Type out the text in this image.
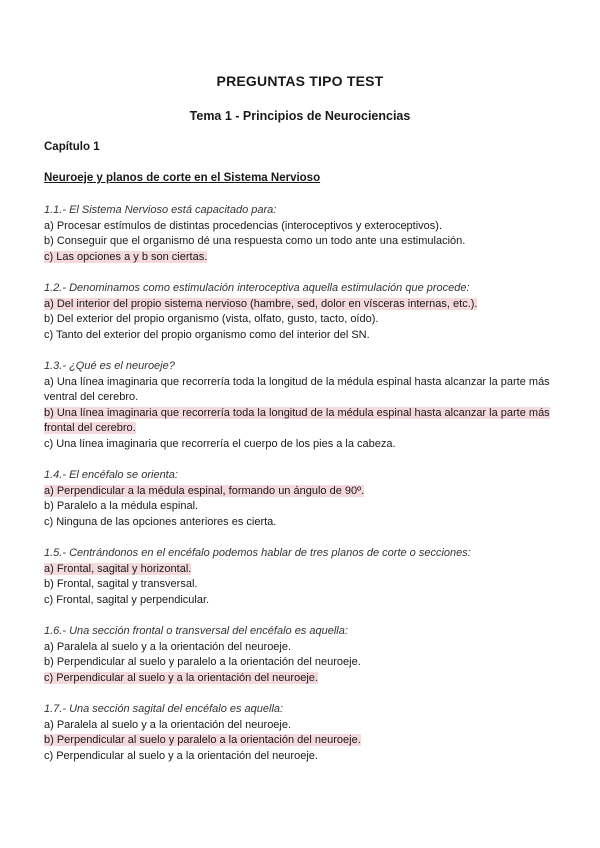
PREGUNTAS TIPO TEST
Tema 1 - Principios de Neurociencias
Capítulo 1
Neuroeje y planos de corte en el Sistema Nervioso
1.1.- El Sistema Nervioso está capacitado para:
a) Procesar estímulos de distintas procedencias (interoceptivos y exteroceptivos).
b) Conseguir que el organismo dé una respuesta como un todo ante una estimulación.
c) Las opciones a y b son ciertas.
1.2.- Denominamos como estimulación interoceptiva aquella estimulación que procede:
a) Del interior del propio sistema nervioso (hambre, sed, dolor en vísceras internas, etc.).
b) Del exterior del propio organismo (vista, olfato, gusto, tacto, oído).
c) Tanto del exterior del propio organismo como del interior del SN.
1.3.- ¿Qué es el neuroeje?
a) Una línea imaginaria que recorrería toda la longitud de la médula espinal hasta alcanzar la parte más ventral del cerebro.
b) Una línea imaginaria que recorrería toda la longitud de la médula espinal hasta alcanzar la parte más frontal del cerebro.
c) Una línea imaginaria que recorrería el cuerpo de los pies a la cabeza.
1.4.- El encéfalo se orienta:
a) Perpendicular a la médula espinal, formando un ángulo de 90º.
b) Paralelo a la médula espinal.
c) Ninguna de las opciones anteriores es cierta.
1.5.- Centrándonos en el encéfalo podemos hablar de tres planos de corte o secciones:
a) Frontal, sagital y horizontal.
b) Frontal, sagital y transversal.
c) Frontal, sagital y perpendicular.
1.6.- Una sección frontal o transversal del encéfalo es aquella:
a) Paralela al suelo y a la orientación del neuroeje.
b) Perpendicular al suelo y paralelo a la orientación del neuroeje.
c) Perpendicular al suelo y a la orientación del neuroeje.
1.7.- Una sección sagital del encéfalo es aquella:
a) Paralela al suelo y a la orientación del neuroeje.
b) Perpendicular al suelo y paralelo a la orientación del neuroeje.
c) Perpendicular al suelo y a la orientación del neuroeje.
